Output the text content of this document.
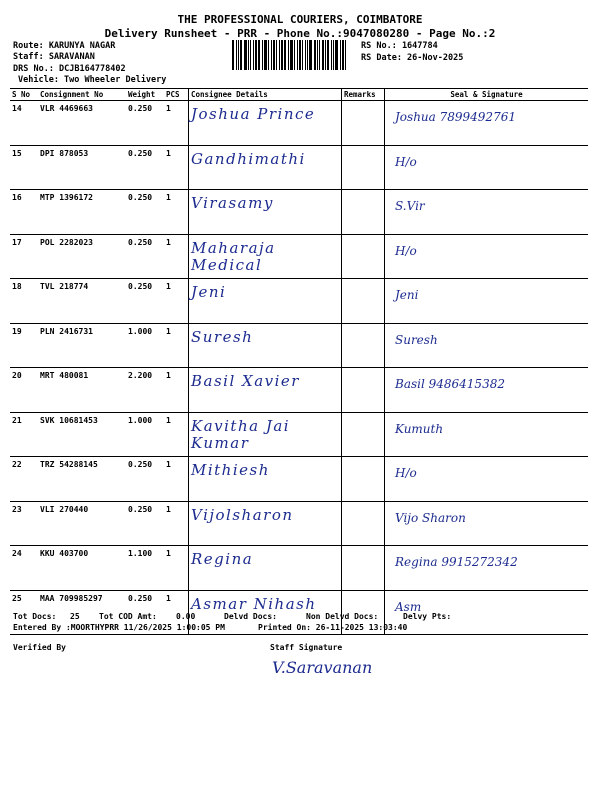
THE PROFESSIONAL COURIERS, COIMBATORE
Delivery Runsheet - PRR - Phone No.:9047080280 - Page No.:2
Route: KARUNYA NAGAR
Staff: SARAVANAN
DRS No.: DCJB164778402
Vehicle: Two Wheeler Delivery
RS No.: 1647784
RS Date: 26-Nov-2025
S No	Consignment No	Weight	PCS	Consignee Details	Remarks	Seal & Signature
14	VLR 4469663	0.250	1	Joshua Prince		Joshua 7899492761

15	DPI 878053	0.250	1	Gandhimathi		H/o

16	MTP 1396172	0.250	1	Virasamy		S.Vir

17	POL 2282023	0.250	1	Maharaja Medical		H/o

18	TVL 218774	0.250	1	Jeni		Jeni

19	PLN 2416731	1.000	1	Suresh		Suresh

20	MRT 480081	2.200	1	Basil Xavier		Basil 9486415382

21	SVK 10681453	1.000	1	Kavitha Jai Kumar		Kumuth

22	TRZ 54288145	0.250	1	Mithiesh		H/o

23	VLI 270440	0.250	1	Vijolsharon		Vijo Sharon

24	KKU 403700	1.100	1	Regina		Regina 9915272342

25	MAA 709985297	0.250	1	Asmar Nihash		Asm
Tot Docs: 25 Tot COD Amt: 0.00	Delvd Docs:	Non Delvd Docs:	Delvy Pts:
Entered By :MOORTHYPRR 11/26/2025 1:00:05 PM	Printed On: 26-11-2025 13:03:40
Verified By	Staff Signature
V.Saravanan
